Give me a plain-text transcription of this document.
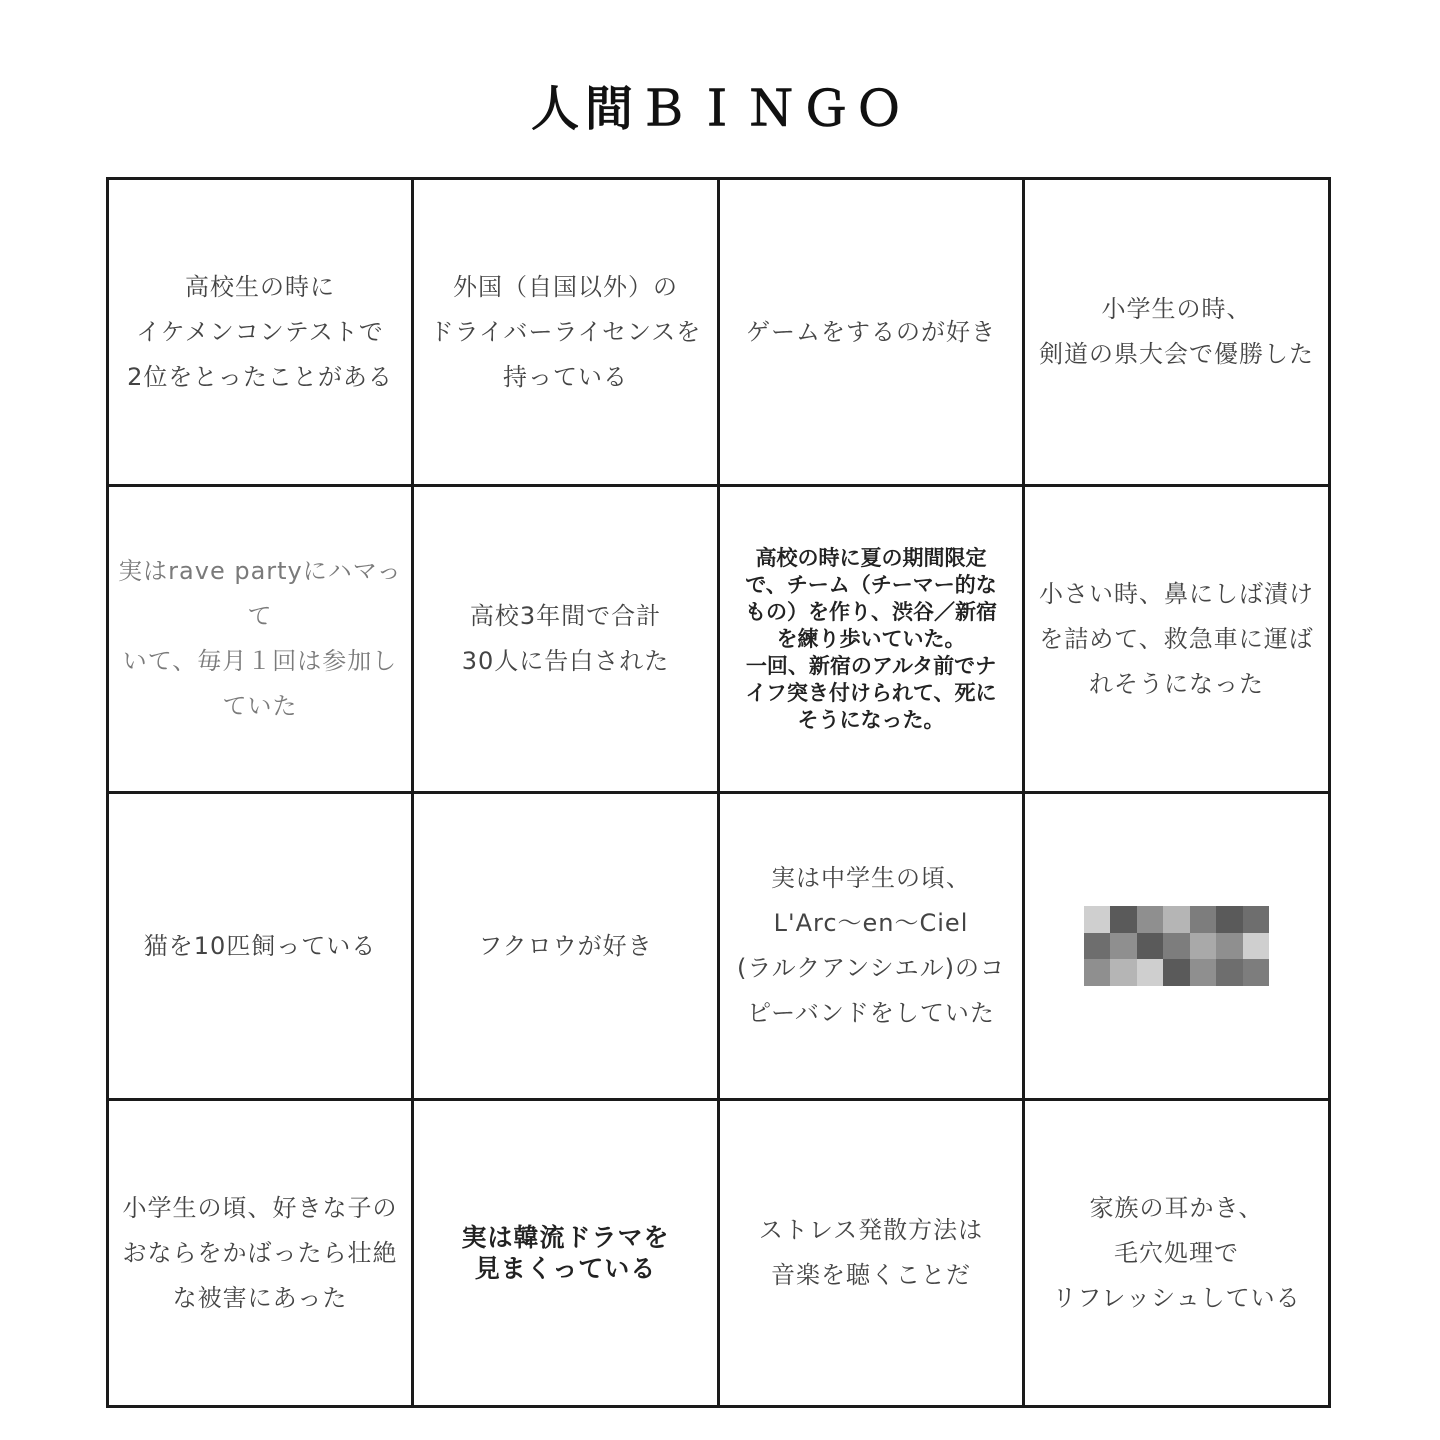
人間ＢＩＮＧＯ
高校生の時に
イケメンコンテストで
2位をとったことがある
外国（自国以外）の
ドライバーライセンスを
持っている
ゲームをするのが好き
小学生の時、
剣道の県大会で優勝した
実はrave partyにハマって
いて、毎月１回は参加し
ていた
高校3年間で合計
30人に告白された
高校の時に夏の期間限定
で、チーム（チーマー的な
もの）を作り、渋谷／新宿
を練り歩いていた。
一回、新宿のアルタ前でナ
イフ突き付けられて、死に
そうになった。
小さい時、鼻にしば漬け
を詰めて、救急車に運ば
れそうになった
猫を10匹飼っている	フクロウが好き
実は中学生の頃、
L'Arc〜en〜Ciel
(ラルクアンシエル)のコ
ピーバンドをしていた
小学生の頃、好きな子の
おならをかばったら壮絶
な被害にあった
実は韓流ドラマを
見まくっている
ストレス発散方法は
音楽を聴くことだ
家族の耳かき、
毛穴処理で
リフレッシュしている
